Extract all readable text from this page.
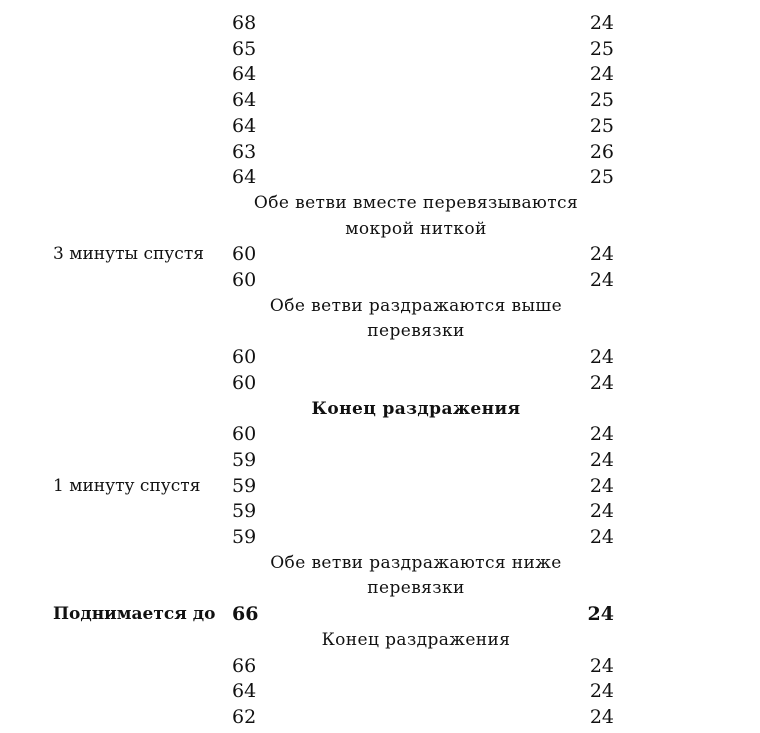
68	24
65	25
64	24
64	25
64	25
63	26
64	25
Обе ветви вместе перевязываются
мокрой ниткой
3 минуты спустя 60	24
60	24
Обе ветви раздражаются выше
перевязки
60	24
60	24
Конец раздражения
60	24
59	24
1 минуту спустя 59	24
59	24
59	24
Обе ветви раздражаются ниже
перевязки
Поднимается до 66	24
Конец раздражения
66	24
64	24
62	24
